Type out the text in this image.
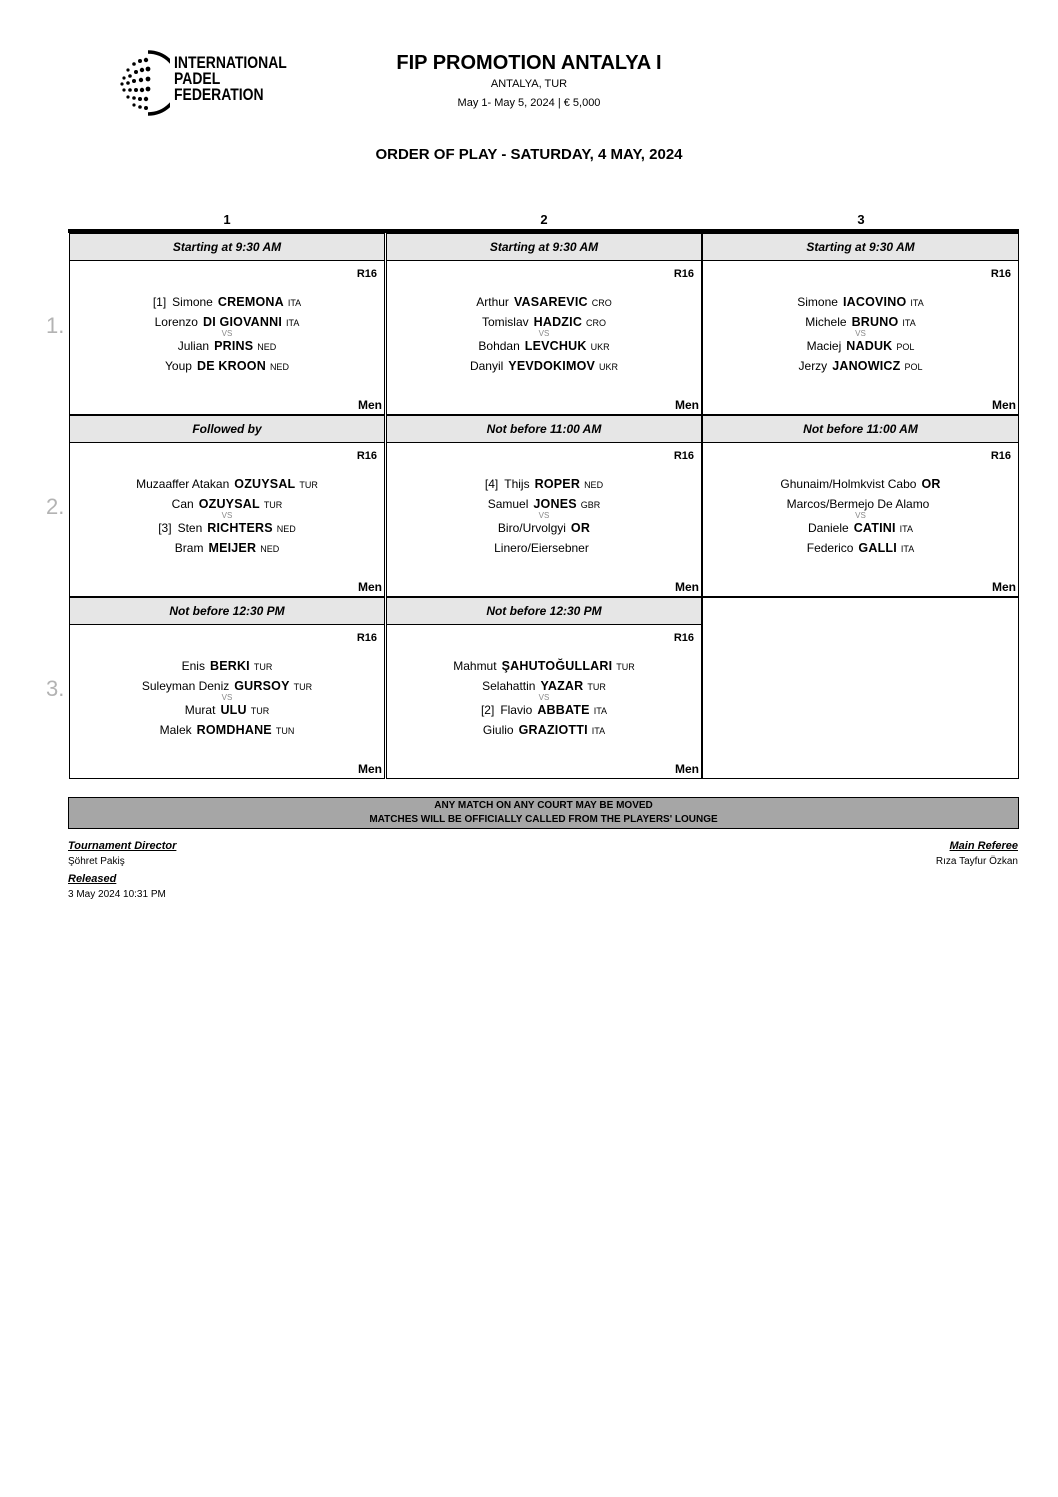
INTERNATIONAL
PADEL
FEDERATION
FIP PROMOTION ANTALYA I
ANTALYA, TUR
May 1- May 5, 2024 | € 5,000
ORDER OF PLAY - SATURDAY, 4 MAY, 2024
1	2	3
1.
2.
3.
Starting at 9:30 AM
R16
Men
[1] Simone CREMONA ITA
Lorenzo DI GIOVANNI ITA
VS
Julian PRINS NED
Youp DE KROON NED
Starting at 9:30 AM
R16
Men
Arthur VASAREVIC CRO
Tomislav HADZIC CRO
VS
Bohdan LEVCHUK UKR
Danyil YEVDOKIMOV UKR
Starting at 9:30 AM
R16
Men
Simone IACOVINO ITA
Michele BRUNO ITA
VS
Maciej NADUK POL
Jerzy JANOWICZ POL
Followed by
R16
Men
Muzaaffer Atakan OZUYSAL TUR
Can OZUYSAL TUR
VS
[3] Sten RICHTERS NED
Bram MEIJER NED
Not before 11:00 AM
R16
Men
[4] Thijs ROPER NED
Samuel JONES GBR
VS
Biro/Urvolgyi OR
Linero/Eiersebner
Not before 11:00 AM
R16
Men
Ghunaim/Holmkvist Cabo OR
Marcos/Bermejo De Alamo
VS
Daniele CATINI ITA
Federico GALLI ITA
Not before 12:30 PM
R16
Men
Enis BERKI TUR
Suleyman Deniz GURSOY TUR
VS
Murat ULU TUR
Malek ROMDHANE TUN
Not before 12:30 PM
R16
Men
Mahmut ŞAHUTOĞULLARI TUR
Selahattin YAZAR TUR
VS
[2] Flavio ABBATE ITA
Giulio GRAZIOTTI ITA
ANY MATCH ON ANY COURT MAY BE MOVED
MATCHES WILL BE OFFICIALLY CALLED FROM THE PLAYERS' LOUNGE
Tournament Director
Şöhret Pakiş
Released
3 May 2024 10:31 PM
Main Referee
Rıza Tayfur Özkan
